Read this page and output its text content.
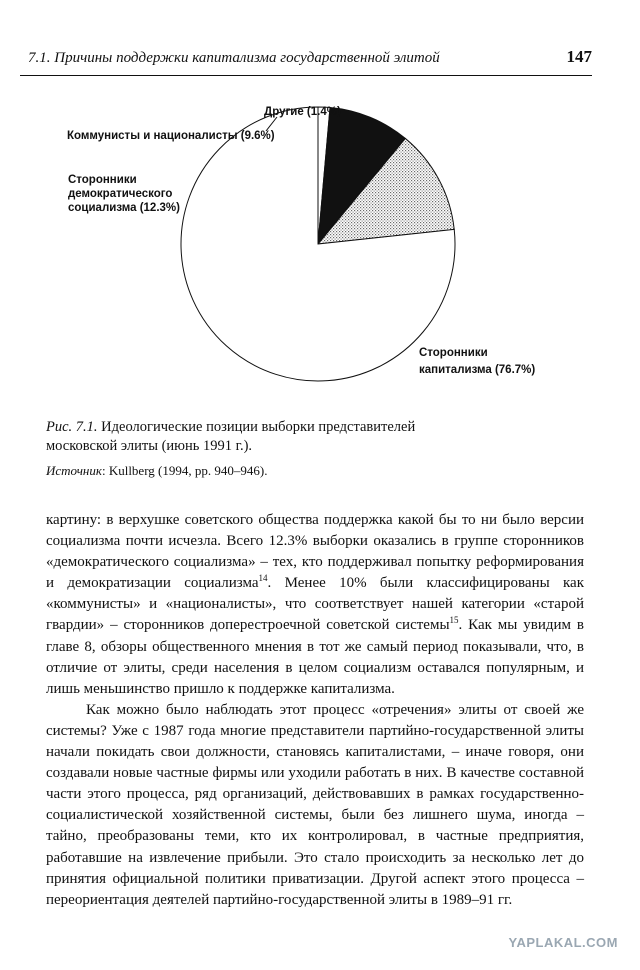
7.1. Причины поддержки капитализма государственной элитой	147
Другие (1.4%)
Коммунисты и националисты (9.6%)
Сторонники
демократического
социализма (12.3%)
Сторонники
капитализма (76.7%)
Рис. 7.1. Идеологические позиции выборки представителей
московской элиты (июнь 1991 г.).
Источник: Kullberg (1994, pp. 940–946).

картину: в верхушке советского общества поддержка какой бы то ни было версии социализма почти исчезла. Всего 12.3% выборки оказались в группе сторонников «демократического социализма» – тех, кто поддерживал попытку реформирования и демократизации социализма$^{14}$. Менее 10% были классифицированы как «коммунисты» и «националисты», что соответствует нашей категории «старой гвардии» – сторонников доперестроечной советской системы$^{15}$. Как мы увидим в главе 8, обзоры общественного мнения в тот же самый период показывали, что, в отличие от элиты, среди населения в целом социализм оставался популярным, и лишь меньшинство пришло к поддержке капитализма.

Как можно было наблюдать этот процесс «отречения» элиты от своей же системы? Уже с 1987 года многие представители партийно-государственной элиты начали покидать свои должности, становясь капиталистами, – иначе говоря, они создавали новые частные фирмы или уходили работать в них. В качестве составной части этого процесса, ряд организаций, действовавших в рамках государственно-социалистической хозяйственной системы, были без лишнего шума, иногда – тайно, преобразованы теми, кто их контролировал, в частные предприятия, работавшие на извлечение прибыли. Это стало происходить за несколько лет до принятия официальной политики приватизации. Другой аспект этого процесса – переориентация деятелей партийно-государственной элиты в 1989–91 гг.

YAPLAKAL.COM
